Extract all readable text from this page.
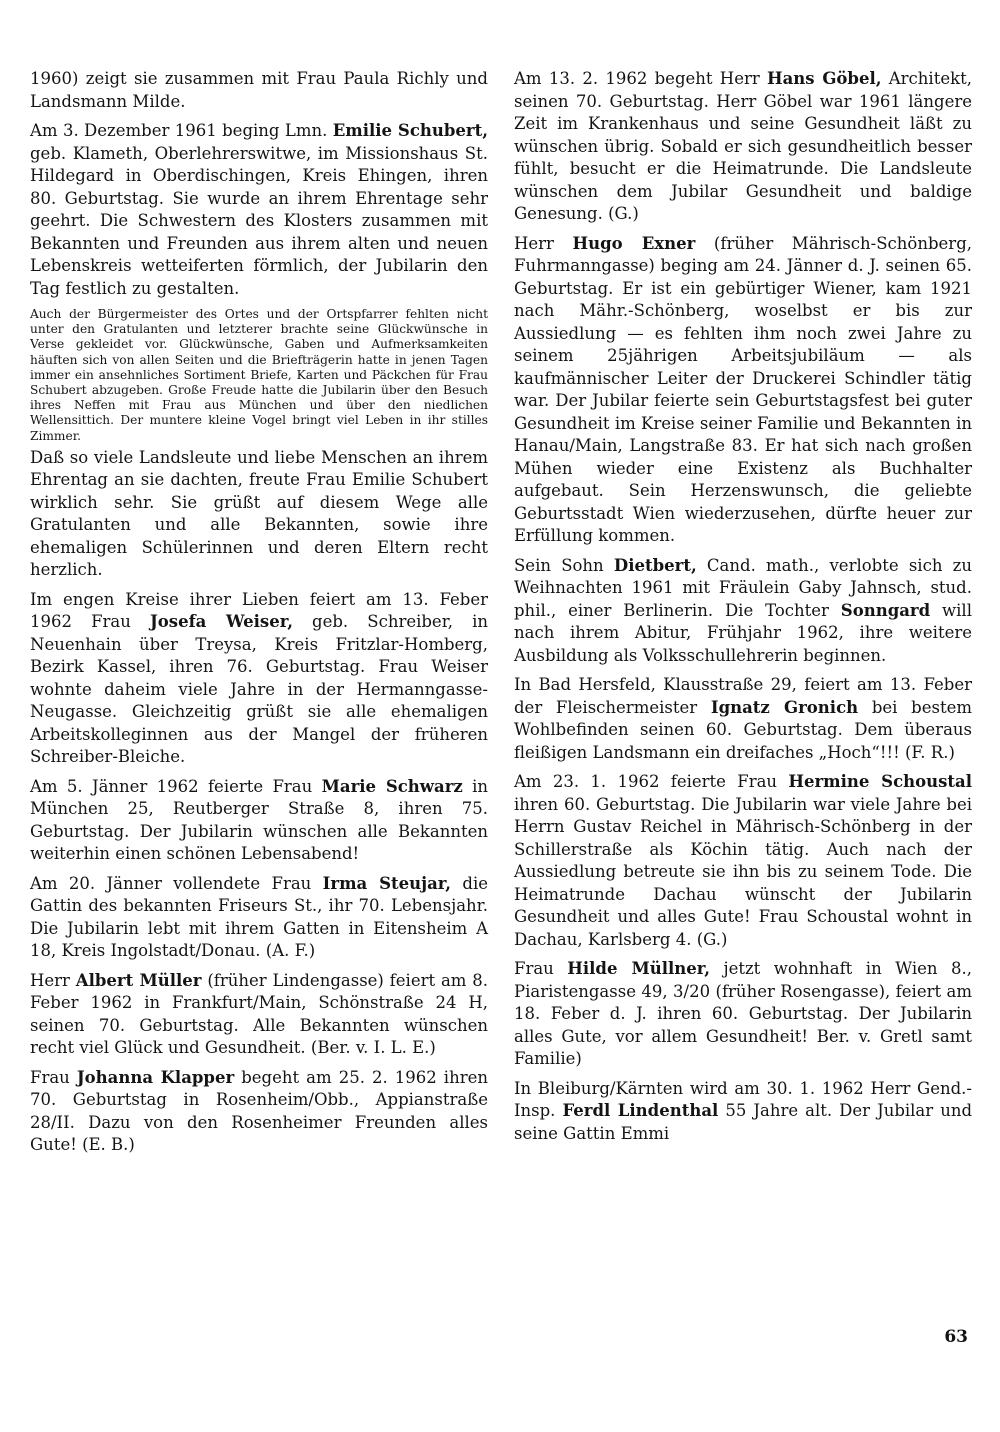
1960) zeigt sie zusammen mit Frau Paula Richly und Landsmann Milde.

Am 3. Dezember 1961 beging Lmn. Emilie Schubert, geb. Klameth, Oberlehrerswitwe, im Missionshaus St. Hildegard in Oberdischingen, Kreis Ehingen, ihren 80. Geburtstag. Sie wurde an ihrem Ehrentage sehr geehrt. Die Schwestern des Klosters zusammen mit Bekannten und Freunden aus ihrem alten und neuen Lebenskreis wetteiferten förmlich, der Jubilarin den Tag festlich zu gestalten.

Auch der Bürgermeister des Ortes und der Ortspfarrer fehlten nicht unter den Gratulanten und letzterer brachte seine Glückwünsche in Verse gekleidet vor. Glückwünsche, Gaben und Aufmerksamkeiten häuften sich von allen Seiten und die Briefträgerin hatte in jenen Tagen immer ein ansehnliches Sortiment Briefe, Karten und Päckchen für Frau Schubert abzugeben. Große Freude hatte die Jubilarin über den Besuch ihres Neffen mit Frau aus München und über den niedlichen Wellensittich. Der muntere kleine Vogel bringt viel Leben in ihr stilles Zimmer.

Daß so viele Landsleute und liebe Menschen an ihrem Ehrentag an sie dachten, freute Frau Emilie Schubert wirklich sehr. Sie grüßt auf diesem Wege alle Gratulanten und alle Bekannten, sowie ihre ehemaligen Schülerinnen und deren Eltern recht herzlich.

Im engen Kreise ihrer Lieben feiert am 13. Feber 1962 Frau Josefa Weiser, geb. Schreiber, in Neuenhain über Treysa, Kreis Fritzlar-Homberg, Bezirk Kassel, ihren 76. Geburtstag. Frau Weiser wohnte daheim viele Jahre in der Hermanngasse-Neugasse. Gleichzeitig grüßt sie alle ehemaligen Arbeitskolleginnen aus der Mangel der früheren Schreiber-Bleiche.

Am 5. Jänner 1962 feierte Frau Marie Schwarz in München 25, Reutberger Straße 8, ihren 75. Geburtstag. Der Jubilarin wünschen alle Bekannten weiterhin einen schönen Lebensabend!

Am 20. Jänner vollendete Frau Irma Steujar, die Gattin des bekannten Friseurs St., ihr 70. Lebensjahr. Die Jubilarin lebt mit ihrem Gatten in Eitensheim A 18, Kreis Ingolstadt/Donau. (A. F.)

Herr Albert Müller (früher Lindengasse) feiert am 8. Feber 1962 in Frankfurt/Main, Schönstraße 24 H, seinen 70. Geburtstag. Alle Bekannten wünschen recht viel Glück und Gesundheit. (Ber. v. I. L. E.)

Frau Johanna Klapper begeht am 25. 2. 1962 ihren 70. Geburtstag in Rosenheim/Obb., Appianstraße 28/II. Dazu von den Rosenheimer Freunden alles Gute! (E. B.)

Am 13. 2. 1962 begeht Herr Hans Göbel, Architekt, seinen 70. Geburtstag. Herr Göbel war 1961 längere Zeit im Krankenhaus und seine Gesundheit läßt zu wünschen übrig. Sobald er sich gesundheitlich besser fühlt, besucht er die Heimatrunde. Die Landsleute wünschen dem Jubilar Gesundheit und baldige Genesung. (G.)

Herr Hugo Exner (früher Mährisch-Schönberg, Fuhrmanngasse) beging am 24. Jänner d. J. seinen 65. Geburtstag. Er ist ein gebürtiger Wiener, kam 1921 nach Mähr.-Schönberg, woselbst er bis zur Aussiedlung — es fehlten ihm noch zwei Jahre zu seinem 25jährigen Arbeitsjubiläum — als kaufmännischer Leiter der Druckerei Schindler tätig war. Der Jubilar feierte sein Geburtstagsfest bei guter Gesundheit im Kreise seiner Familie und Bekannten in Hanau/Main, Langstraße 83. Er hat sich nach großen Mühen wieder eine Existenz als Buchhalter aufgebaut. Sein Herzenswunsch, die geliebte Geburtsstadt Wien wiederzusehen, dürfte heuer zur Erfüllung kommen.

Sein Sohn Dietbert, Cand. math., verlobte sich zu Weihnachten 1961 mit Fräulein Gaby Jahnsch, stud. phil., einer Berlinerin. Die Tochter Sonngard will nach ihrem Abitur, Frühjahr 1962, ihre weitere Ausbildung als Volksschullehrerin beginnen.

In Bad Hersfeld, Klausstraße 29, feiert am 13. Feber der Fleischermeister Ignatz Gronich bei bestem Wohlbefinden seinen 60. Geburtstag. Dem überaus fleißigen Landsmann ein dreifaches „Hoch“!!! (F. R.)

Am 23. 1. 1962 feierte Frau Hermine Schoustal ihren 60. Geburtstag. Die Jubilarin war viele Jahre bei Herrn Gustav Reichel in Mährisch-Schönberg in der Schillerstraße als Köchin tätig. Auch nach der Aussiedlung betreute sie ihn bis zu seinem Tode. Die Heimatrunde Dachau wünscht der Jubilarin Gesundheit und alles Gute! Frau Schoustal wohnt in Dachau, Karlsberg 4. (G.)

Frau Hilde Müllner, jetzt wohnhaft in Wien 8., Piaristengasse 49, 3/20 (früher Rosengasse), feiert am 18. Feber d. J. ihren 60. Geburtstag. Der Jubilarin alles Gute, vor allem Gesundheit! Ber. v. Gretl samt Familie)

In Bleiburg/Kärnten wird am 30. 1. 1962 Herr Gend.-Insp. Ferdl Lindenthal 55 Jahre alt. Der Jubilar und seine Gattin Emmi

63
